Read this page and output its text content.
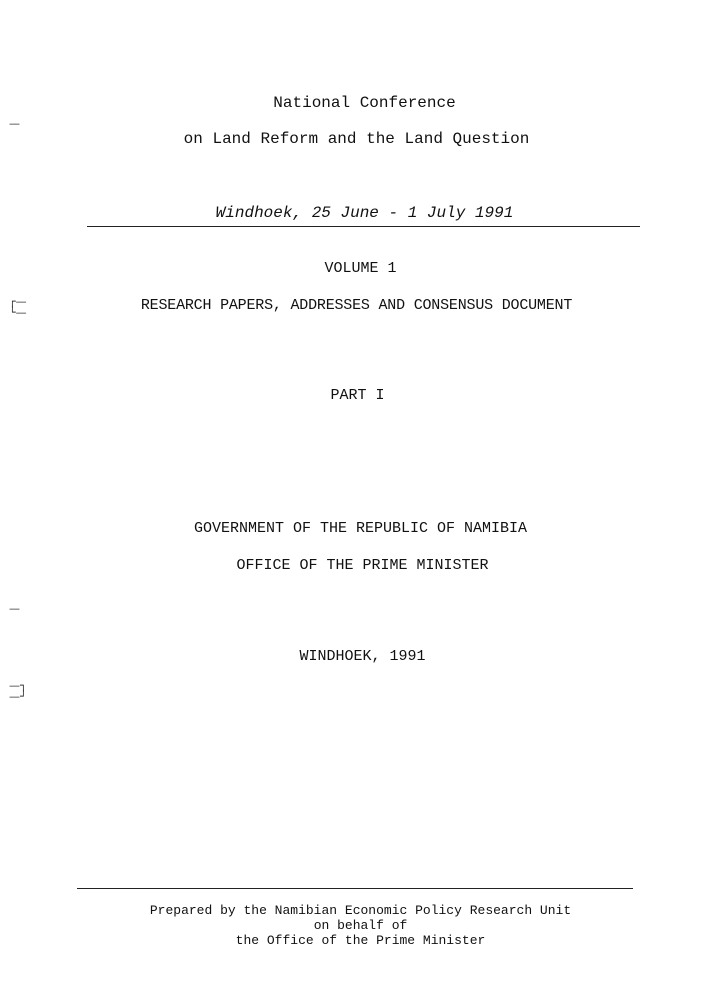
—
┌—
└—
—
—┐
—┘
National Conference
on Land Reform and the Land Question
Windhoek, 25 June - 1 July 1991
VOLUME 1
RESEARCH PAPERS, ADDRESSES AND CONSENSUS DOCUMENT
PART I
GOVERNMENT OF THE REPUBLIC OF NAMIBIA
OFFICE OF THE PRIME MINISTER
WINDHOEK, 1991
Prepared by the Namibian Economic Policy Research Unit
on behalf of
the Office of the Prime Minister
